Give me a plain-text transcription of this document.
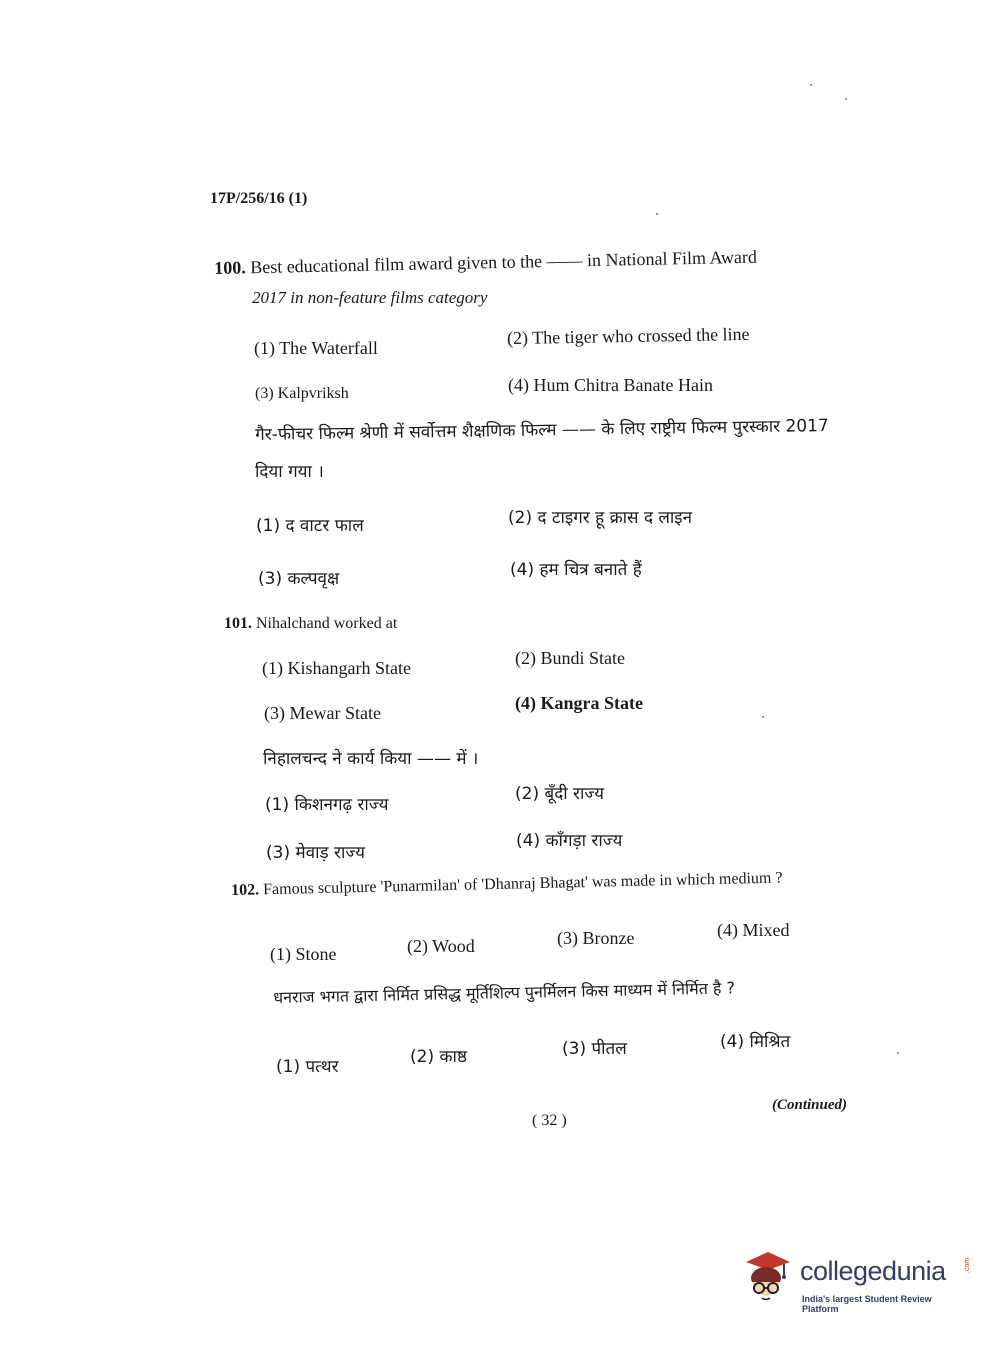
17P/256/16 (1)
100. Best educational film award given to the —— in National Film Award
2017 in non-feature films category
(1) The Waterfall	(2) The tiger who crossed the line
(3) Kalpvriksh	(4) Hum Chitra Banate Hain
गैर-फीचर फिल्म श्रेणी में सर्वोत्तम शैक्षणिक फिल्म —— के लिए राष्ट्रीय फिल्म पुरस्कार 2017
दिया गया ।
(1) द वाटर फाल	(2) द टाइगर हू क्रास द लाइन
(3) कल्पवृक्ष	(4) हम चित्र बनाते हैं
101. Nihalchand worked at
(1) Kishangarh State	(2) Bundi State
(3) Mewar State	(4) Kangra State
निहालचन्द ने कार्य किया —— में ।
(1) किशनगढ़ राज्य
(2) बूँदी राज्य
(3) मेवाड़ राज्य
(4) काँगड़ा राज्य
102. Famous sculpture 'Punarmilan' of 'Dhanraj Bhagat' was made in which medium ?
(1) Stone	(2) Wood	(3) Bronze	(4) Mixed
धनराज भगत द्वारा निर्मित प्रसिद्ध मूर्तिशिल्प पुनर्मिलन किस माध्यम में निर्मित है ?
(1) पत्थर	(2) काष्ठ	(3) पीतल	(4) मिश्रित
( 32 )
(Continued)
collegedunia	.com
India's largest Student Review Platform
